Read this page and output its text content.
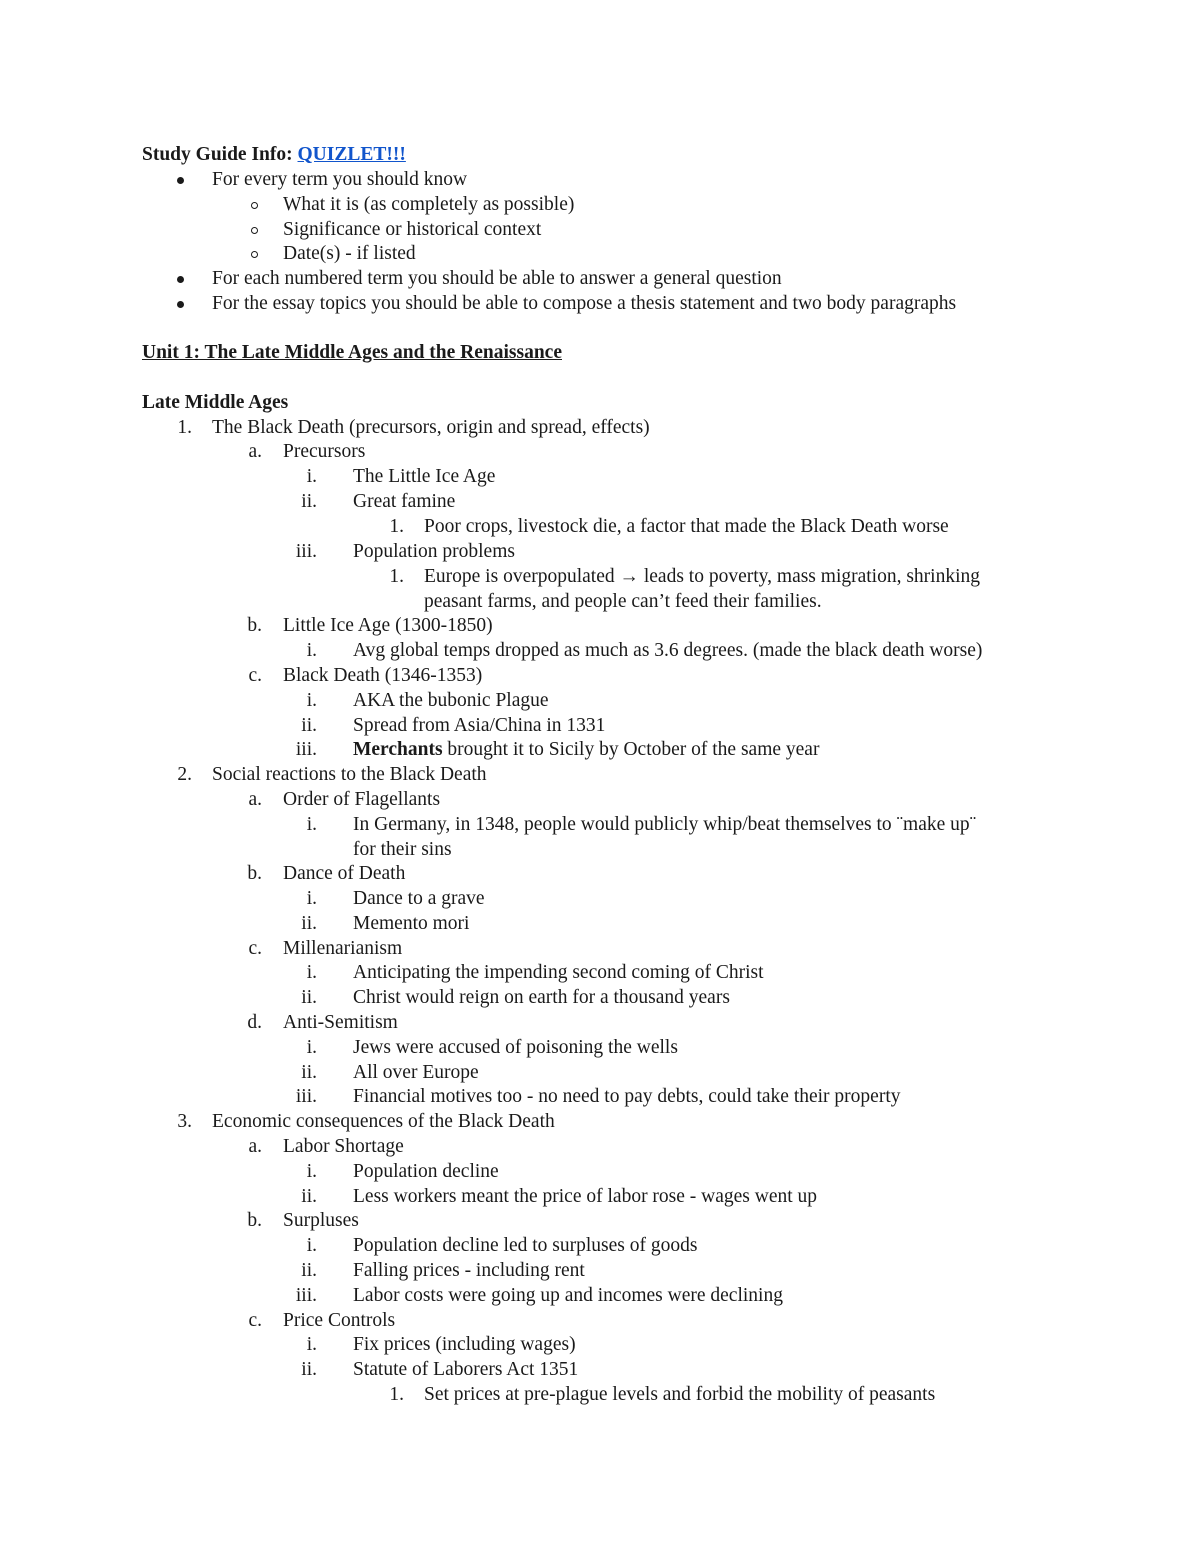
Study Guide Info: QUIZLET!!!
For every term you should know
What it is (as completely as possible)
Significance or historical context
Date(s) - if listed
For each numbered term you should be able to answer a general question
For the essay topics you should be able to compose a thesis statement and two body paragraphs
Unit 1: The Late Middle Ages and the Renaissance
Late Middle Ages
1. The Black Death (precursors, origin and spread, effects)
a. Precursors
i. The Little Ice Age
ii. Great famine
1. Poor crops, livestock die, a factor that made the Black Death worse
iii. Population problems
1. Europe is overpopulated → leads to poverty, mass migration, shrinking
peasant farms, and people can’t feed their families.
b. Little Ice Age (1300-1850)
i. Avg global temps dropped as much as 3.6 degrees. (made the black death worse)
c. Black Death (1346-1353)
i. AKA the bubonic Plague
ii. Spread from Asia/China in 1331
iii. Merchants brought it to Sicily by October of the same year
2. Social reactions to the Black Death
a. Order of Flagellants
i. In Germany, in 1348, people would publicly whip/beat themselves to ¨make up¨
for their sins
b. Dance of Death
i. Dance to a grave
ii. Memento mori
c. Millenarianism
i. Anticipating the impending second coming of Christ
ii. Christ would reign on earth for a thousand years
d. Anti-Semitism
i. Jews were accused of poisoning the wells
ii. All over Europe
iii. Financial motives too - no need to pay debts, could take their property
3. Economic consequences of the Black Death
a. Labor Shortage
i. Population decline
ii. Less workers meant the price of labor rose - wages went up
b. Surpluses
i. Population decline led to surpluses of goods
ii. Falling prices - including rent
iii. Labor costs were going up and incomes were declining
c. Price Controls
i. Fix prices (including wages)
ii. Statute of Laborers Act 1351
1. Set prices at pre-plague levels and forbid the mobility of peasants
